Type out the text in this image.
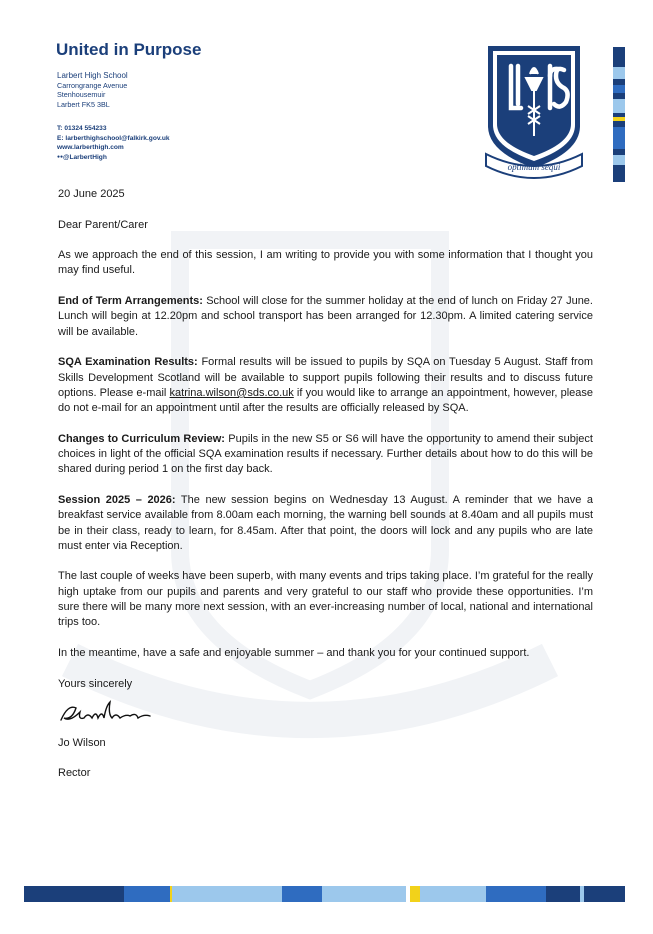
United in Purpose
Larbert High School
Carrongrange Avenue
Stenhousemuir
Larbert FK5 3BL
T: 01324 554233
E: larberthighschool@falkirk.gov.uk
www.larberthigh.com
●● @LarbertHigh
optimum sequi

20 June 2025

Dear Parent/Carer

As we approach the end of this session, I am writing to provide you with some information that I thought you may find useful.

End of Term Arrangements: School will close for the summer holiday at the end of lunch on Friday 27 June. Lunch will begin at 12.20pm and school transport has been arranged for 12.30pm. A limited catering service will be available.

SQA Examination Results: Formal results will be issued to pupils by SQA on Tuesday 5 August. Staff from Skills Development Scotland will be available to support pupils following their results and to discuss future options. Please e-mail katrina.wilson@sds.co.uk if you would like to arrange an appointment, however, please do not e-mail for an appointment until after the results are officially released by SQA.

Changes to Curriculum Review: Pupils in the new S5 or S6 will have the opportunity to amend their subject choices in light of the official SQA examination results if necessary. Further details about how to do this will be shared during period 1 on the first day back.

Session 2025 – 2026: The new session begins on Wednesday 13 August. A reminder that we have a breakfast service available from 8.00am each morning, the warning bell sounds at 8.40am and all pupils must be in their class, ready to learn, for 8.45am. After that point, the doors will lock and any pupils who are late must enter via Reception.

The last couple of weeks have been superb, with many events and trips taking place. I’m grateful for the really high uptake from our pupils and parents and very grateful to our staff who provide these opportunities. I’m sure there will be many more next session, with an ever-increasing number of local, national and international trips too.

In the meantime, have a safe and enjoyable summer – and thank you for your continued support.

Yours sincerely

JWilson

Jo Wilson

Rector
